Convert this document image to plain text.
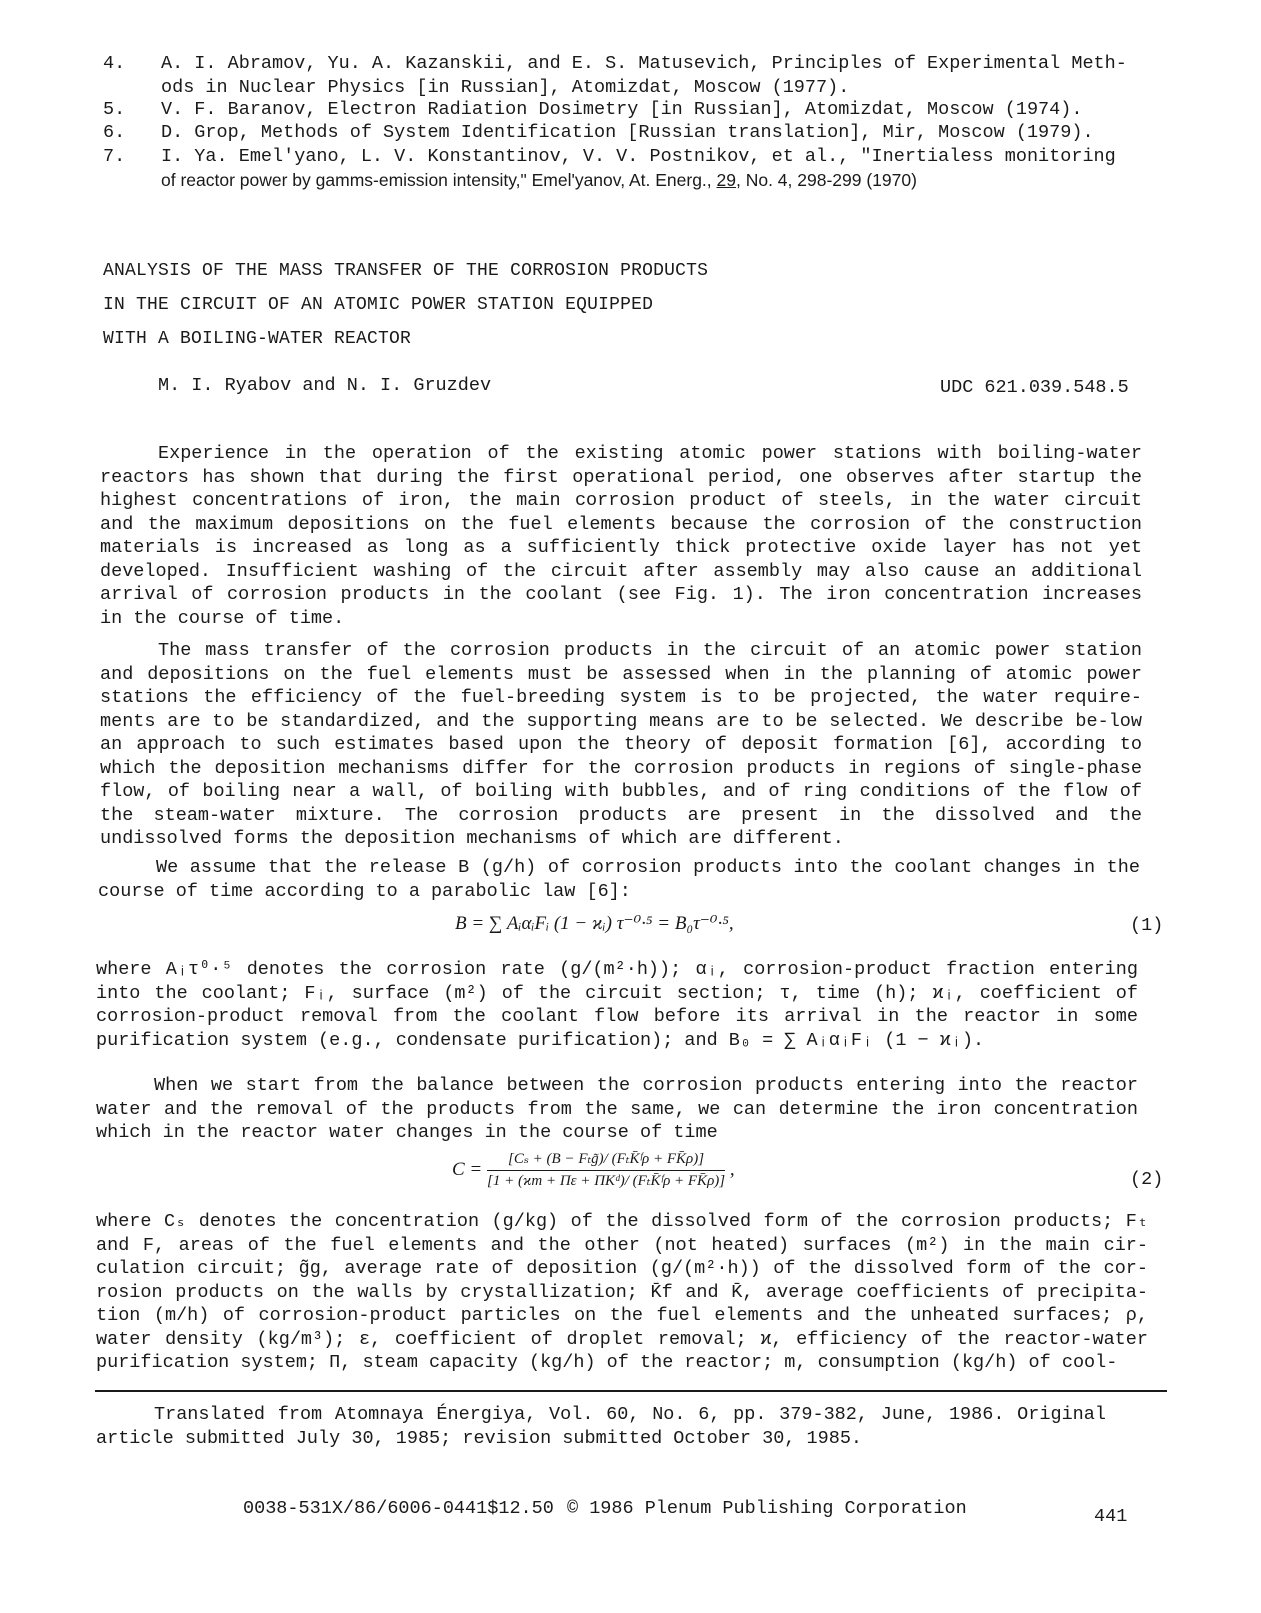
4. A. I. Abramov, Yu. A. Kazanskii, and E. S. Matusevich, Principles of Experimental Meth-
ods in Nuclear Physics [in Russian], Atomizdat, Moscow (1977).
5. V. F. Baranov, Electron Radiation Dosimetry [in Russian], Atomizdat, Moscow (1974).
6. D. Grop, Methods of System Identification [Russian translation], Mir, Moscow (1979).
7. I. Ya. Emel'yano, L. V. Konstantinov, V. V. Postnikov, et al., "Inertialess monitoring
of reactor power by gamms-emission intensity," Emel'yanov, At. Energ., 29, No. 4, 298-299 (1970)
ANALYSIS OF THE MASS TRANSFER OF THE CORROSION PRODUCTS
IN THE CIRCUIT OF AN ATOMIC POWER STATION EQUIPPED
WITH A BOILING-WATER REACTOR
M. I. Ryabov and N. I. Gruzdev	UDC 621.039.548.5
Experience in the operation of the existing atomic power stations with boiling-water reactors has shown that during the first operational period, one observes after startup the highest concentrations of iron, the main corrosion product of steels, in the water circuit and the maximum depositions on the fuel elements because the corrosion of the construction materials is increased as long as a sufficiently thick protective oxide layer has not yet developed. Insufficient washing of the circuit after assembly may also cause an additional arrival of corrosion products in the coolant (see Fig. 1). The iron concentration increases in the course of time.
The mass transfer of the corrosion products in the circuit of an atomic power station and depositions on the fuel elements must be assessed when in the planning of atomic power stations the efficiency of the fuel-breeding system is to be projected, the water require-ments are to be standardized, and the supporting means are to be selected. We describe be-low an approach to such estimates based upon the theory of deposit formation [6], according to which the deposition mechanisms differ for the corrosion products in regions of single-phase flow, of boiling near a wall, of boiling with bubbles, and of ring conditions of the flow of the steam-water mixture. The corrosion products are present in the dissolved and the undissolved forms the deposition mechanisms of which are different.
We assume that the release B (g/h) of corrosion products into the coolant changes in the course of time according to a parabolic law [6]:
B = ∑ AᵢαᵢFᵢ (1 − ϰᵢ) τ⁻⁰·⁵ = B₀τ⁻⁰·⁵,	(1)
where Aᵢτ⁰·⁵ denotes the corrosion rate (g/(m²·h)); αᵢ, corrosion-product fraction entering into the coolant; Fᵢ, surface (m²) of the circuit section; τ, time (h); ϰᵢ, coefficient of corrosion-product removal from the coolant flow before its arrival in the reactor in some purification system (e.g., condensate purification); and B₀ = ∑ AᵢαᵢFᵢ (1 − ϰᵢ).
When we start from the balance between the corrosion products entering into the reactor water and the removal of the products from the same, we can determine the iron concentration which in the reactor water changes in the course of time
$C = \frac{\text{[Cₛ + (B − Fₜg̃)/ (FₜK̄ᶠρ + FK̄ρ)]}}{\text{[1 + (ϰm + Πε + ΠKᵈ)/ (FₜK̄ᶠρ + FK̄ρ)]}}$ ,	(2)
where Cₛ denotes the concentration (g/kg) of the dissolved form of the corrosion products; Fₜ and F, areas of the fuel elements and the other (not heated) surfaces (m²) in the main cir-culation circuit; g̃g, average rate of deposition (g/(m²·h)) of the dissolved form of the cor-rosion products on the walls by crystallization; K̄f and K̄, average coefficients of precipita-tion (m/h) of corrosion-product particles on the fuel elements and the unheated surfaces; ρ, water density (kg/m³); ε, coefficient of droplet removal; ϰ, efficiency of the reactor-water purification system; Π, steam capacity (kg/h) of the reactor; m, consumption (kg/h) of cool-
Translated from Atomnaya Énergiya, Vol. 60, No. 6, pp. 379-382, June, 1986. Original article submitted July 30, 1985; revision submitted October 30, 1985.
0038-531X/86/6006-0441$12.50 © 1986 Plenum Publishing Corporation	441
